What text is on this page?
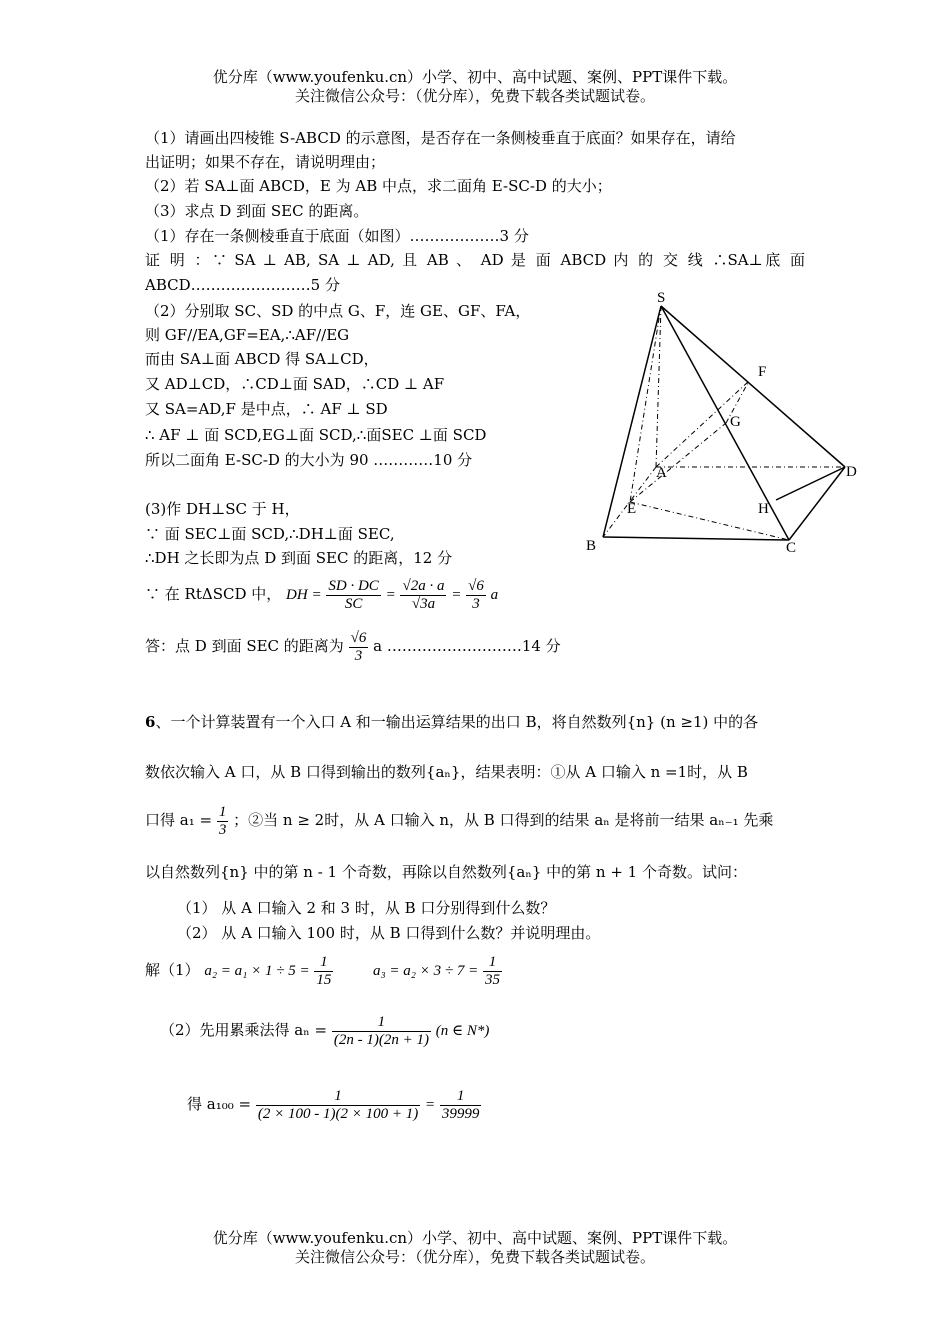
优分库（www.youfenku.cn）小学、初中、高中试题、案例、PPT课件下载。
关注微信公众号：（优分库），免费下载各类试题试卷。
（1）请画出四棱锥 S-ABCD 的示意图，是否存在一条侧棱垂直于底面？如果存在，请给
出证明；如果不存在，请说明理由；
（2）若 SA⊥面 ABCD，E 为 AB 中点，求二面角 E-SC-D 的大小；
（3）求点 D 到面 SEC 的距离。
（1）存在一条侧棱垂直于底面（如图）………………3 分
证 明 ：∵ SA ⊥ AB, SA ⊥ AD, 且 AB 、 AD 是 面 ABCD 内 的 交 线 ∴SA⊥底 面
ABCD……………………5 分
（2）分别取 SC、SD 的中点 G、F，连 GE、GF、FA，
则 GF//EA,GF=EA,∴AF//EG
而由 SA⊥面 ABCD 得 SA⊥CD，
又 AD⊥CD，∴CD⊥面 SAD，∴CD ⊥ AF
又 SA=AD,F 是中点，∴ AF ⊥ SD
∴ AF ⊥ 面 SCD,EG⊥面 SCD,∴面SEC ⊥面 SCD
所以二面角 E-SC-D 的大小为 90 …………10 分
(3)作 DH⊥SC 于 H，
∵ 面 SEC⊥面 SCD,∴DH⊥面 SEC,
∴DH 之长即为点 D 到面 SEC 的距离，12 分
∵ 在 RtΔSCD 中， DH = $\frac{SD \cdot DC}{SC} = \frac{√2a \cdot a}{√3a} = \frac{√6}{3}$ a
答：点 D 到面 SEC 的距离为 $\frac{√6}{3}$ a ………………………14 分
S
F
G
A	D
E	H
B	C
6、一个计算装置有一个入口 A 和一输出运算结果的出口 B，将自然数列{n} (n ≥1) 中的各
数依次输入 A 口，从 B 口得到输出的数列{aₙ}，结果表明：①从 A 口输入 n =1时，从 B
口得 $a_1 = \frac{1}{3}$ ；②当 n ≥ 2时，从 A 口输入 n，从 B 口得到的结果 aₙ 是将前一结果 aₙ₋₁ 先乘
以自然数列{n} 中的第 n - 1 个奇数，再除以自然数列{aₙ} 中的第 n + 1 个奇数。试问：
（1） 从 A 口输入 2 和 3 时，从 B 口分别得到什么数？
（2） 从 A 口输入 100 时，从 B 口得到什么数？并说明理由。
解（1） $a_2 = a_1 \times 1 \div 5 = \frac{1}{15}$	$a_3 = a_2 \times 3 \div 7 = \frac{1}{35}$
（2）先用累乘法得 $a_n = \frac{1}{(2n - 1)(2n + 1)} (n$ ∈ N*)
得 $a_{100} = \frac{1}{(2 \times 100 - 1)(2 \times 100 + 1)} = \frac{1}{39999}$
优分库（www.youfenku.cn）小学、初中、高中试题、案例、PPT课件下载。
关注微信公众号：（优分库），免费下载各类试题试卷。
